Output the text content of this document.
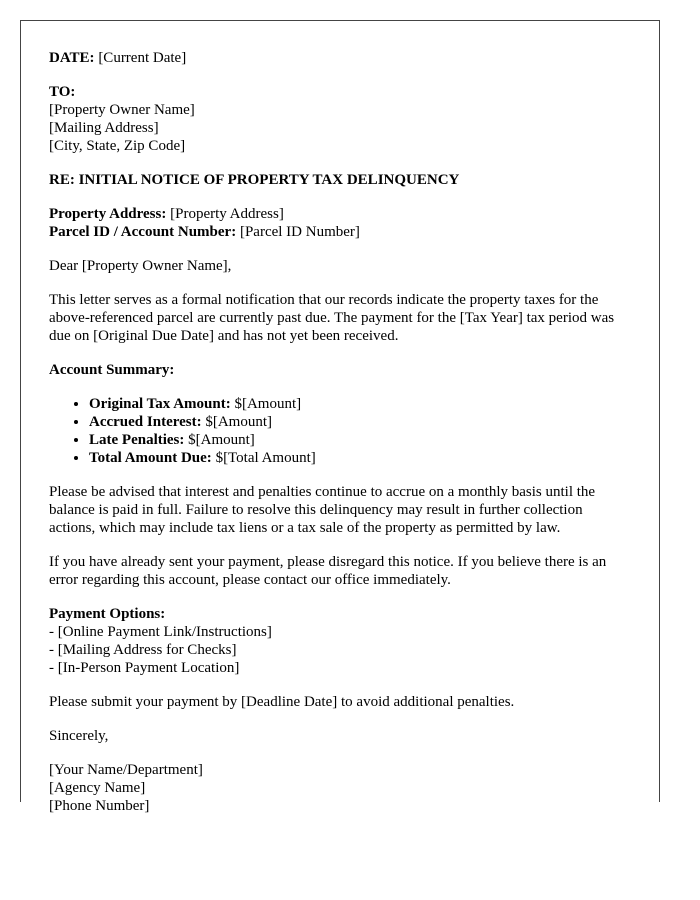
DATE: [Current Date]

TO:
[Property Owner Name]
[Mailing Address]
[City, State, Zip Code]

RE: INITIAL NOTICE OF PROPERTY TAX DELINQUENCY

Property Address: [Property Address]
Parcel ID / Account Number: [Parcel ID Number]

Dear [Property Owner Name],

This letter serves as a formal notification that our records indicate the property taxes for the above-referenced parcel are currently past due. The payment for the [Tax Year] tax period was due on [Original Due Date] and has not yet been received.

Account Summary:

• Original Tax Amount: $[Amount]
• Accrued Interest: $[Amount]
• Late Penalties: $[Amount]
• Total Amount Due: $[Total Amount]

Please be advised that interest and penalties continue to accrue on a monthly basis until the balance is paid in full. Failure to resolve this delinquency may result in further collection actions, which may include tax liens or a tax sale of the property as permitted by law.

If you have already sent your payment, please disregard this notice. If you believe there is an error regarding this account, please contact our office immediately.

Payment Options:
- [Online Payment Link/Instructions]
- [Mailing Address for Checks]
- [In-Person Payment Location]

Please submit your payment by [Deadline Date] to avoid additional penalties.

Sincerely,

[Your Name/Department]
[Agency Name]
[Phone Number]
